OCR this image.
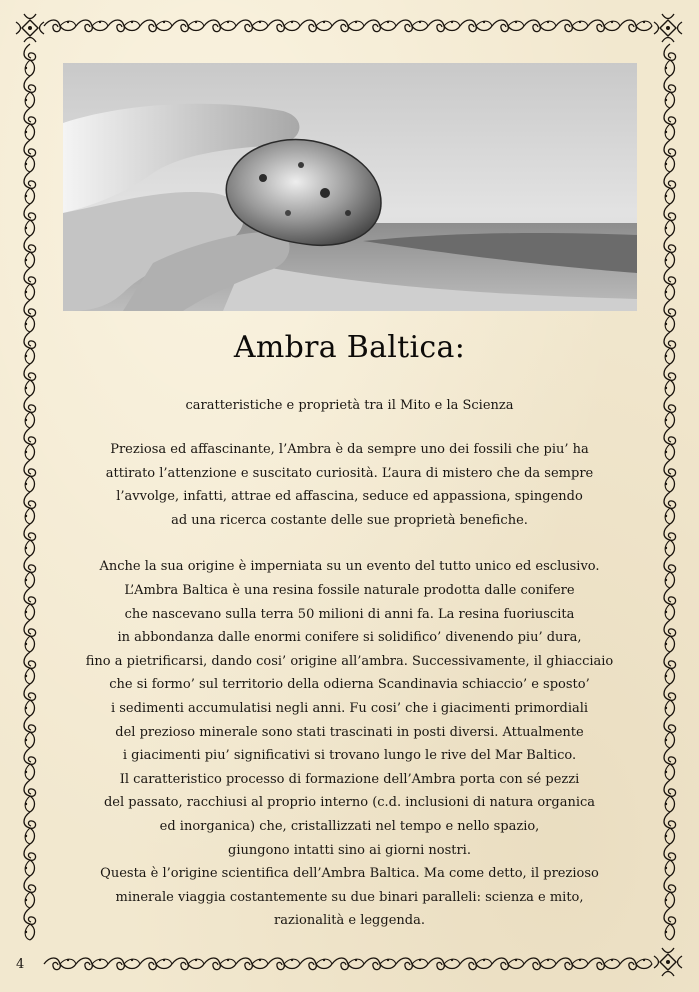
Ambra Baltica:
caratteristiche e proprietà tra il Mito e la Scienza

Preziosa ed affascinante, l’Ambra è da sempre uno dei fossili che piu’ ha
attirato l’attenzione e suscitato curiosità. L’aura di mistero che da sempre
l’avvolge, infatti, attrae ed affascina, seduce ed appassiona, spingendo
ad una ricerca costante delle sue proprietà benefiche.

Anche la sua origine è imperniata su un evento del tutto unico ed esclusivo.
L’Ambra Baltica è una resina fossile naturale prodotta dalle conifere
che nascevano sulla terra 50 milioni di anni fa. La resina fuoriuscita
in abbondanza dalle enormi conifere si solidifico’ divenendo piu’ dura,
fino a pietrificarsi, dando cosi’ origine all’ambra. Successivamente, il ghiacciaio
che si formo’ sul territorio della odierna Scandinavia schiaccio’ e sposto’
i sedimenti accumulatisi negli anni. Fu cosi’ che i giacimenti primordiali
del prezioso minerale sono stati trascinati in posti diversi. Attualmente
i giacimenti piu’ significativi si trovano lungo le rive del Mar Baltico.
Il caratteristico processo di formazione dell’Ambra porta con sé pezzi
del passato, racchiusi al proprio interno (c.d. inclusioni di natura organica
ed inorganica) che, cristallizzati nel tempo e nello spazio,
giungono intatti sino ai giorni nostri.
Questa è l’origine scientifica dell’Ambra Baltica. Ma come detto, il prezioso
minerale viaggia costantemente su due binari paralleli: scienza e mito,
razionalità e leggenda.

4
